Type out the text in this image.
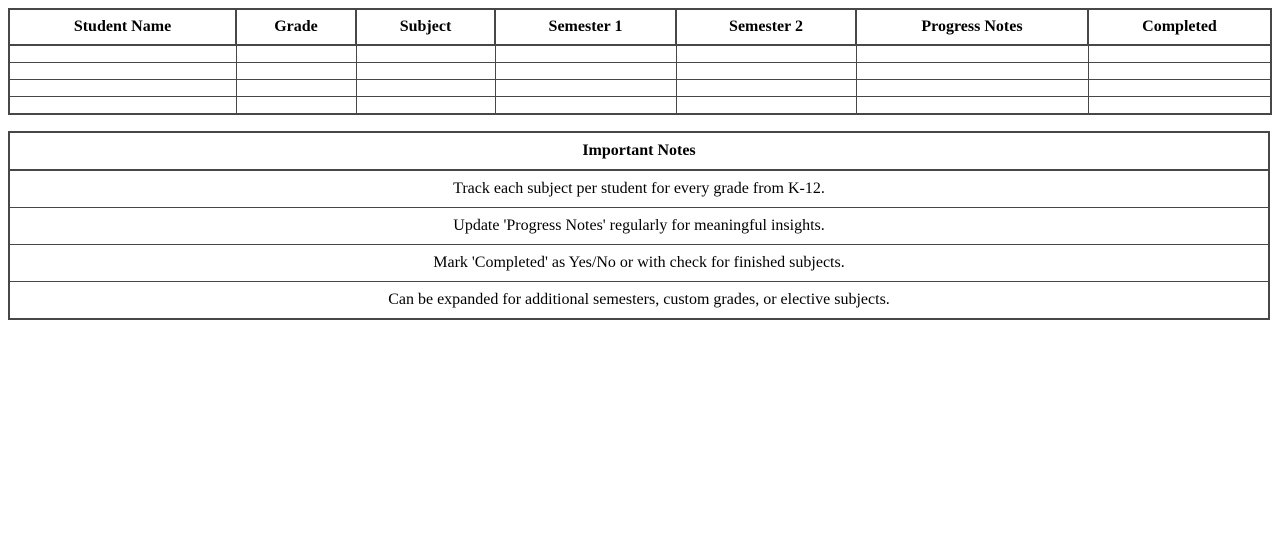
Student Name	Grade	Subject	Semester 1	Semester 2	Progress Notes	Completed

Important Notes
Track each subject per student for every grade from K-12.
Update 'Progress Notes' regularly for meaningful insights.
Mark 'Completed' as Yes/No or with check for finished subjects.
Can be expanded for additional semesters, custom grades, or elective subjects.
